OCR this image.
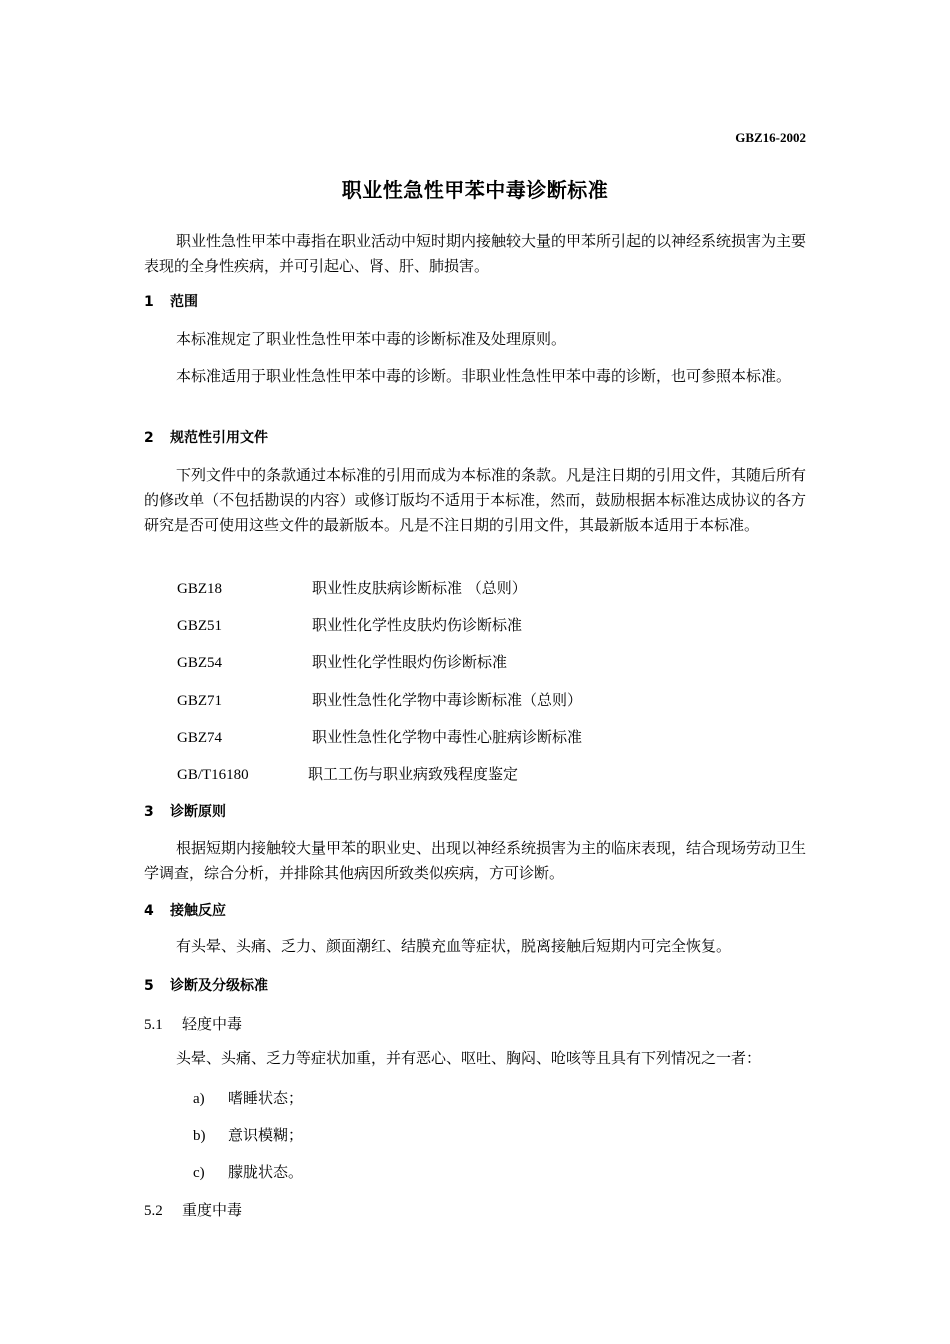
GBZ16-2002
职业性急性甲苯中毒诊断标准

职业性急性甲苯中毒指在职业活动中短时期内接触较大量的甲苯所引起的以神经系统损害为主要表现的全身性疾病，并可引起心、肾、肝、肺损害。

1 范围

本标准规定了职业性急性甲苯中毒的诊断标准及处理原则。

本标准适用于职业性急性甲苯中毒的诊断。非职业性急性甲苯中毒的诊断，也可参照本标准。

2 规范性引用文件

下列文件中的条款通过本标准的引用而成为本标准的条款。凡是注日期的引用文件，其随后所有的修改单（不包括勘误的内容）或修订版均不适用于本标准，然而，鼓励根据本标准达成协议的各方研究是否可使用这些文件的最新版本。凡是不注日期的引用文件，其最新版本适用于本标准。

GBZ18	职业性皮肤病诊断标准 （总则）
GBZ51	职业性化学性皮肤灼伤诊断标准
GBZ54	职业性化学性眼灼伤诊断标准
GBZ71	职业性急性化学物中毒诊断标准（总则）
GBZ74	职业性急性化学物中毒性心脏病诊断标准
GB/T16180	职工工伤与职业病致残程度鉴定
3 诊断原则

根据短期内接触较大量甲苯的职业史、出现以神经系统损害为主的临床表现，结合现场劳动卫生学调查，综合分析，并排除其他病因所致类似疾病，方可诊断。

4 接触反应

有头晕、头痛、乏力、颜面潮红、结膜充血等症状，脱离接触后短期内可完全恢复。

5 诊断及分级标准
5.1 轻度中毒

头晕、头痛、乏力等症状加重，并有恶心、呕吐、胸闷、呛咳等且具有下列情况之一者：

a) 嗜睡状态；
b) 意识模糊；
c) 朦胧状态。
5.2 重度中毒
